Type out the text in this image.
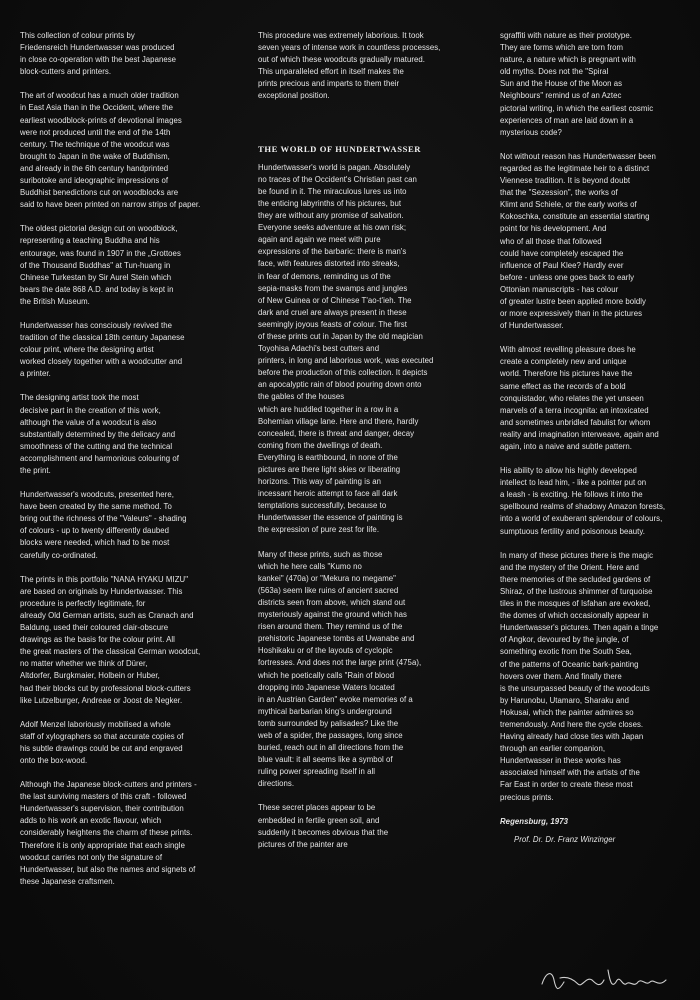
This collection of colour prints by
Friedensreich Hundertwasser was produced
in close co-operation with the best Japanese
block-cutters and printers.

The art of woodcut has a much older tradition
in East Asia than in the Occident, where the
earliest woodblock-prints of devotional images
were not produced until the end of the 14th
century. The technique of the woodcut was
brought to Japan in the wake of Buddhism,
and already in the 6th century handprinted
suribotoke and ideographic impressions of
Buddhist benedictions cut on woodblocks are
said to have been printed on narrow strips of paper.

The oldest pictorial design cut on woodblock,
representing a teaching Buddha and his
entourage, was found in 1907 in the „Grottoes
of the Thousand Buddhas" at Tun-huang in
Chinese Turkestan by Sir Aurel Stein which
bears the date 868 A.D. and today is kept in
the British Museum.

Hundertwasser has consciously revived the
tradition of the classical 18th century Japanese
colour print, where the designing artist
worked closely together with a woodcutter and
a printer.

The designing artist took the most
decisive part in the creation of this work,
although the value of a woodcut is also
substantially determined by the delicacy and
smoothness of the cutting and the technical
accomplishment and harmonious colouring of
the print.

Hundertwasser's woodcuts, presented here,
have been created by the same method. To
bring out the richness of the "Valeurs" - shading
of colours - up to twenty differently daubed
blocks were needed, which had to be most
carefully co-ordinated.

The prints in this portfolio "NANA HYAKU MIZU"
are based on originals by Hundertwasser. This
procedure is perfectly legitimate, for
already Old German artists, such as Cranach and
Baldung, used their coloured clair-obscure
drawings as the basis for the colour print. All
the great masters of the classical German woodcut,
no matter whether we think of Dürer,
Altdorfer, Burgkmaier, Holbein or Huber,
had their blocks cut by professional block-cutters
like Lutzelburger, Andreae or Joost de Negker.

Adolf Menzel laboriously mobilised a whole
staff of xylographers so that accurate copies of
his subtle drawings could be cut and engraved
onto the box-wood.

Although the Japanese block-cutters and printers -
the last surviving masters of this craft - followed
Hundertwasser's supervision, their contribution
adds to his work an exotic flavour, which
considerably heightens the charm of these prints.
Therefore it is only appropriate that each single
woodcut carries not only the signature of
Hundertwasser, but also the names and signets of
these Japanese craftsmen.

This procedure was extremely laborious. It took
seven years of intense work in countless processes,
out of which these woodcuts gradually matured.
This unparalleled effort in itself makes the
prints precious and imparts to them their
exceptional position.

THE WORLD OF HUNDERTWASSER

Hundertwasser's world is pagan. Absolutely
no traces of the Occident's Christian past can
be found in it. The miraculous lures us into
the enticing labyrinths of his pictures, but
they are without any promise of salvation.
Everyone seeks adventure at his own risk;
again and again we meet with pure
expressions of the barbaric: there is man's
face, with features distorted into streaks,
in fear of demons, reminding us of the
sepia-masks from the swamps and jungles
of New Guinea or of Chinese T'ao-t'ieh. The
dark and cruel are always present in these
seemingly joyous feasts of colour. The first
of these prints cut in Japan by the old magician
Toyohisa Adachi's best cutters and
printers, in long and laborious work, was executed
before the production of this collection. It depicts
an apocalyptic rain of blood pouring down onto
the gables of the houses
which are huddled together in a row in a
Bohemian village lane. Here and there, hardly
concealed, there is threat and danger, decay
coming from the dwellings of death.
Everything is earthbound, in none of the
pictures are there light skies or liberating
horizons. This way of painting is an
incessant heroic attempt to face all dark
temptations successfully, because to
Hundertwasser the essence of painting is
the expression of pure zest for life.

Many of these prints, such as those
which he here calls "Kumo no
kankei" (470a) or "Mekura no megame"
(563a) seem like ruins of ancient sacred
districts seen from above, which stand out
mysteriously against the ground which has
risen around them. They remind us of the
prehistoric Japanese tombs at Uwanabe and
Hoshikaku or of the layouts of cyclopic
fortresses. And does not the large print (475a),
which he poetically calls "Rain of blood
dropping into Japanese Waters located
in an Austrian Garden" evoke memories of a
mythical barbarian king's underground
tomb surrounded by palisades? Like the
web of a spider, the passages, long since
buried, reach out in all directions from the
blue vault: it all seems like a symbol of
ruling power spreading itself in all
directions.

These secret places appear to be
embedded in fertile green soil, and
suddenly it becomes obvious that the
pictures of the painter are

sgraffiti with nature as their prototype.
They are forms which are torn from
nature, a nature which is pregnant with
old myths. Does not the "Spiral
Sun and the House of the Moon as
Neighbours" remind us of an Aztec
pictorial writing, in which the earliest cosmic
experiences of man are laid down in a
mysterious code?

Not without reason has Hundertwasser been
regarded as the legitimate heir to a distinct
Viennese tradition. It is beyond doubt
that the "Sezession", the works of
Klimt and Schiele, or the early works of
Kokoschka, constitute an essential starting
point for his development. And
who of all those that followed
could have completely escaped the
influence of Paul Klee? Hardly ever
before - unless one goes back to early
Ottonian manuscripts - has colour
of greater lustre been applied more boldly
or more expressively than in the pictures
of Hundertwasser.

With almost revelling pleasure does he
create a completely new and unique
world. Therefore his pictures have the
same effect as the records of a bold
conquistador, who relates the yet unseen
marvels of a terra incognita: an intoxicated
and sometimes unbridled fabulist for whom
reality and imagination interweave, again and
again, into a naive and subtle pattern.

His ability to allow his highly developed
intellect to lead him, - like a pointer put on
a leash - is exciting. He follows it into the
spellbound realms of shadowy Amazon forests,
into a world of exuberant splendour of colours,
sumptuous fertility and poisonous beauty.

In many of these pictures there is the magic
and the mystery of the Orient. Here and
there memories of the secluded gardens of
Shiraz, of the lustrous shimmer of turquoise
tiles in the mosques of Isfahan are evoked,
the domes of which occasionally appear in
Hundertwasser's pictures. Then again a tinge
of Angkor, devoured by the jungle, of
something exotic from the South Sea,
of the patterns of Oceanic bark-painting
hovers over them. And finally there
is the unsurpassed beauty of the woodcuts
by Harunobu, Utamaro, Sharaku and
Hokusai, which the painter admires so
tremendously. And here the cycle closes.
Having already had close ties with Japan
through an earlier companion,
Hundertwasser in these works has
associated himself with the artists of the
Far East in order to create these most
precious prints.

Regensburg, 1973
Prof. Dr. Dr. Franz Winzinger
